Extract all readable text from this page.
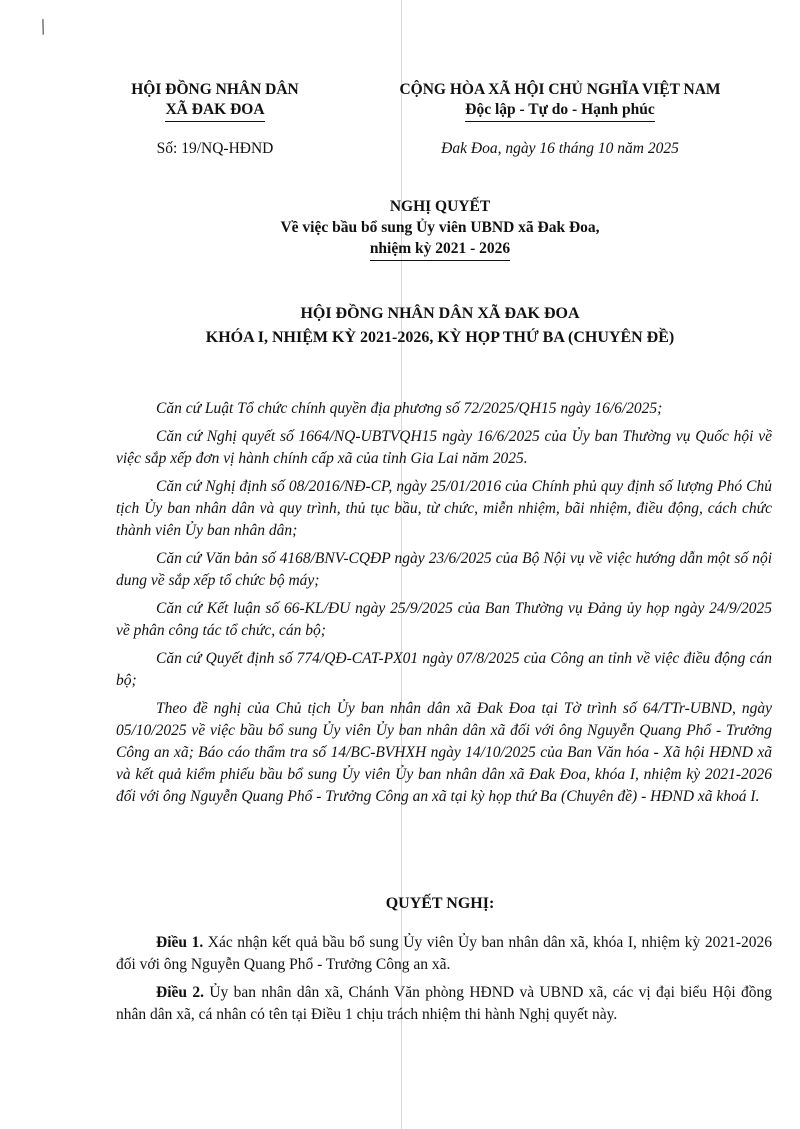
/
HỘI ĐỒNG NHÂN DÂN
XÃ ĐAK ĐOA
CỘNG HÒA XÃ HỘI CHỦ NGHĨA VIỆT NAM
Độc lập - Tự do - Hạnh phúc
Số: 19/NQ-HĐND	Đak Đoa, ngày 16 tháng 10 năm 2025
NGHỊ QUYẾT
Về việc bầu bổ sung Ủy viên UBND xã Đak Đoa,
nhiệm kỳ 2021 - 2026
HỘI ĐỒNG NHÂN DÂN XÃ ĐAK ĐOA
KHÓA I, NHIỆM KỲ 2021-2026, KỲ HỌP THỨ BA (CHUYÊN ĐỀ)

Căn cứ Luật Tổ chức chính quyền địa phương số 72/2025/QH15 ngày 16/6/2025;

Căn cứ Nghị quyết số 1664/NQ-UBTVQH15 ngày 16/6/2025 của Ủy ban Thường vụ Quốc hội về việc sắp xếp đơn vị hành chính cấp xã của tỉnh Gia Lai năm 2025.

Căn cứ Nghị định số 08/2016/NĐ-CP, ngày 25/01/2016 của Chính phủ quy định số lượng Phó Chủ tịch Ủy ban nhân dân và quy trình, thủ tục bầu, từ chức, miễn nhiệm, bãi nhiệm, điều động, cách chức thành viên Ủy ban nhân dân;

Căn cứ Văn bản số 4168/BNV-CQĐP ngày 23/6/2025 của Bộ Nội vụ về việc hướng dẫn một số nội dung về sắp xếp tổ chức bộ máy;

Căn cứ Kết luận số 66-KL/ĐU ngày 25/9/2025 của Ban Thường vụ Đảng ủy họp ngày 24/9/2025 về phân công tác tổ chức, cán bộ;

Căn cứ Quyết định số 774/QĐ-CAT-PX01 ngày 07/8/2025 của Công an tỉnh về việc điều động cán bộ;

Theo đề nghị của Chủ tịch Ủy ban nhân dân xã Đak Đoa tại Tờ trình số 64/TTr-UBND, ngày 05/10/2025 về việc bầu bổ sung Ủy viên Ủy ban nhân dân xã đối với ông Nguyễn Quang Phổ - Trưởng Công an xã; Báo cáo thẩm tra số 14/BC-BVHXH ngày 14/10/2025 của Ban Văn hóa - Xã hội HĐND xã và kết quả kiểm phiếu bầu bổ sung Ủy viên Ủy ban nhân dân xã Đak Đoa, khóa I, nhiệm kỳ 2021-2026 đối với ông Nguyễn Quang Phổ - Trưởng Công an xã tại kỳ họp thứ Ba (Chuyên đề) - HĐND xã khoá I.

QUYẾT NGHỊ:

Điều 1. Xác nhận kết quả bầu bổ sung Ủy viên Ủy ban nhân dân xã, khóa I, nhiệm kỳ 2021-2026 đối với ông Nguyễn Quang Phổ - Trưởng Công an xã.

Điều 2. Ủy ban nhân dân xã, Chánh Văn phòng HĐND và UBND xã, các vị đại biểu Hội đồng nhân dân xã, cá nhân có tên tại Điều 1 chịu trách nhiệm thi hành Nghị quyết này.
